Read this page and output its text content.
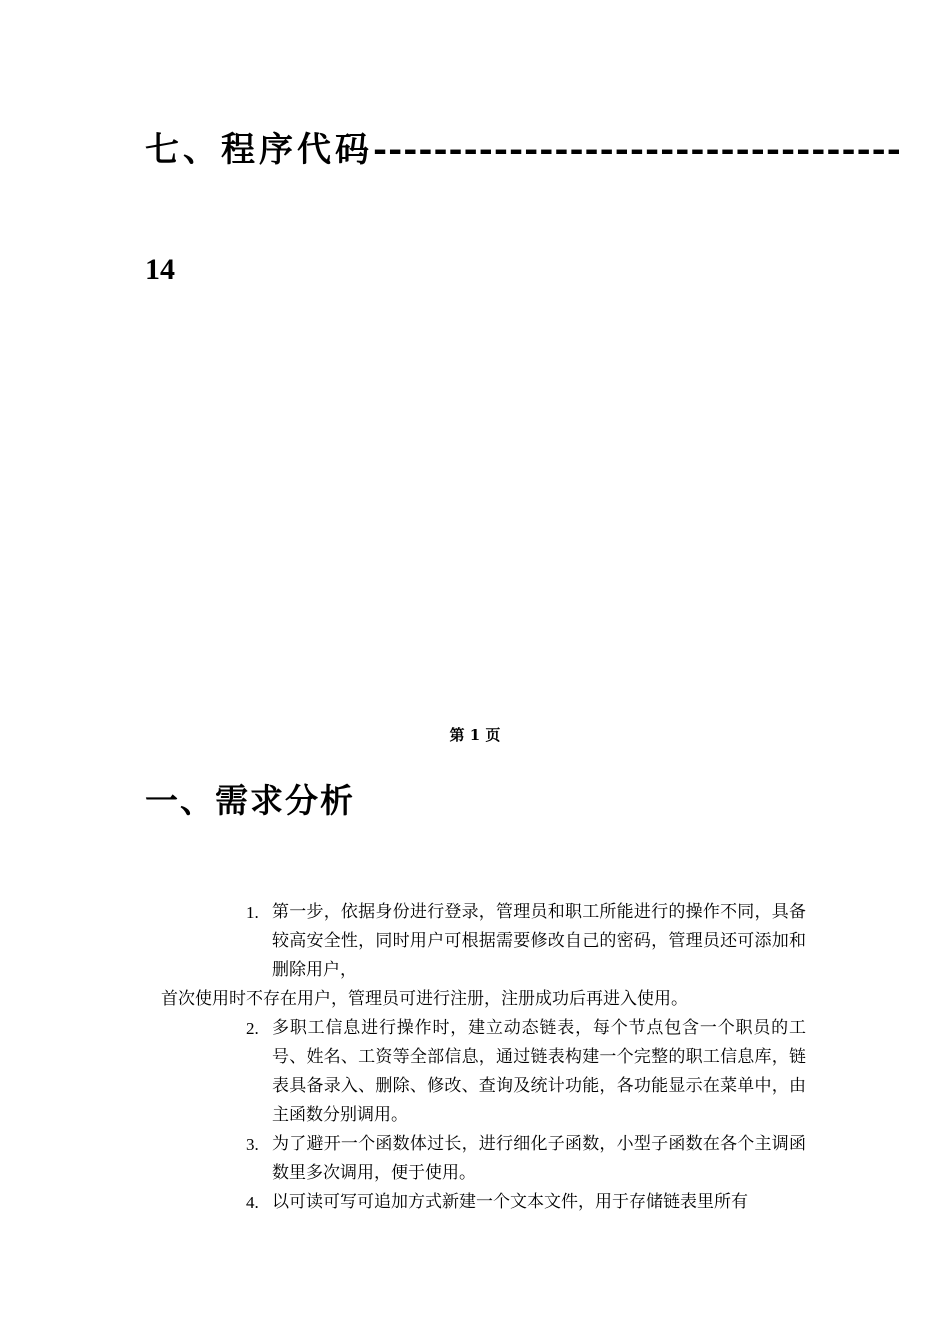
七、程序代码-----------------------------------
14
第 1 页
一、需求分析
1. 第一步，依据身份进行登录，管理员和职工所能进行的操作不同，具备较高安全性，同时用户可根据需要修改自己的密码，管理员还可添加和删除用户，
首次使用时不存在用户，管理员可进行注册，注册成功后再进入使用。
2. 多职工信息进行操作时，建立动态链表，每个节点包含一个职员的工号、姓名、工资等全部信息，通过链表构建一个完整的职工信息库，链表具备录入、删除、修改、查询及统计功能，各功能显示在菜单中，由主函数分别调用。
3. 为了避开一个函数体过长，进行细化子函数，小型子函数在各个主调函数里多次调用，便于使用。
4. 以可读可写可追加方式新建一个文本文件，用于存储链表里所有
